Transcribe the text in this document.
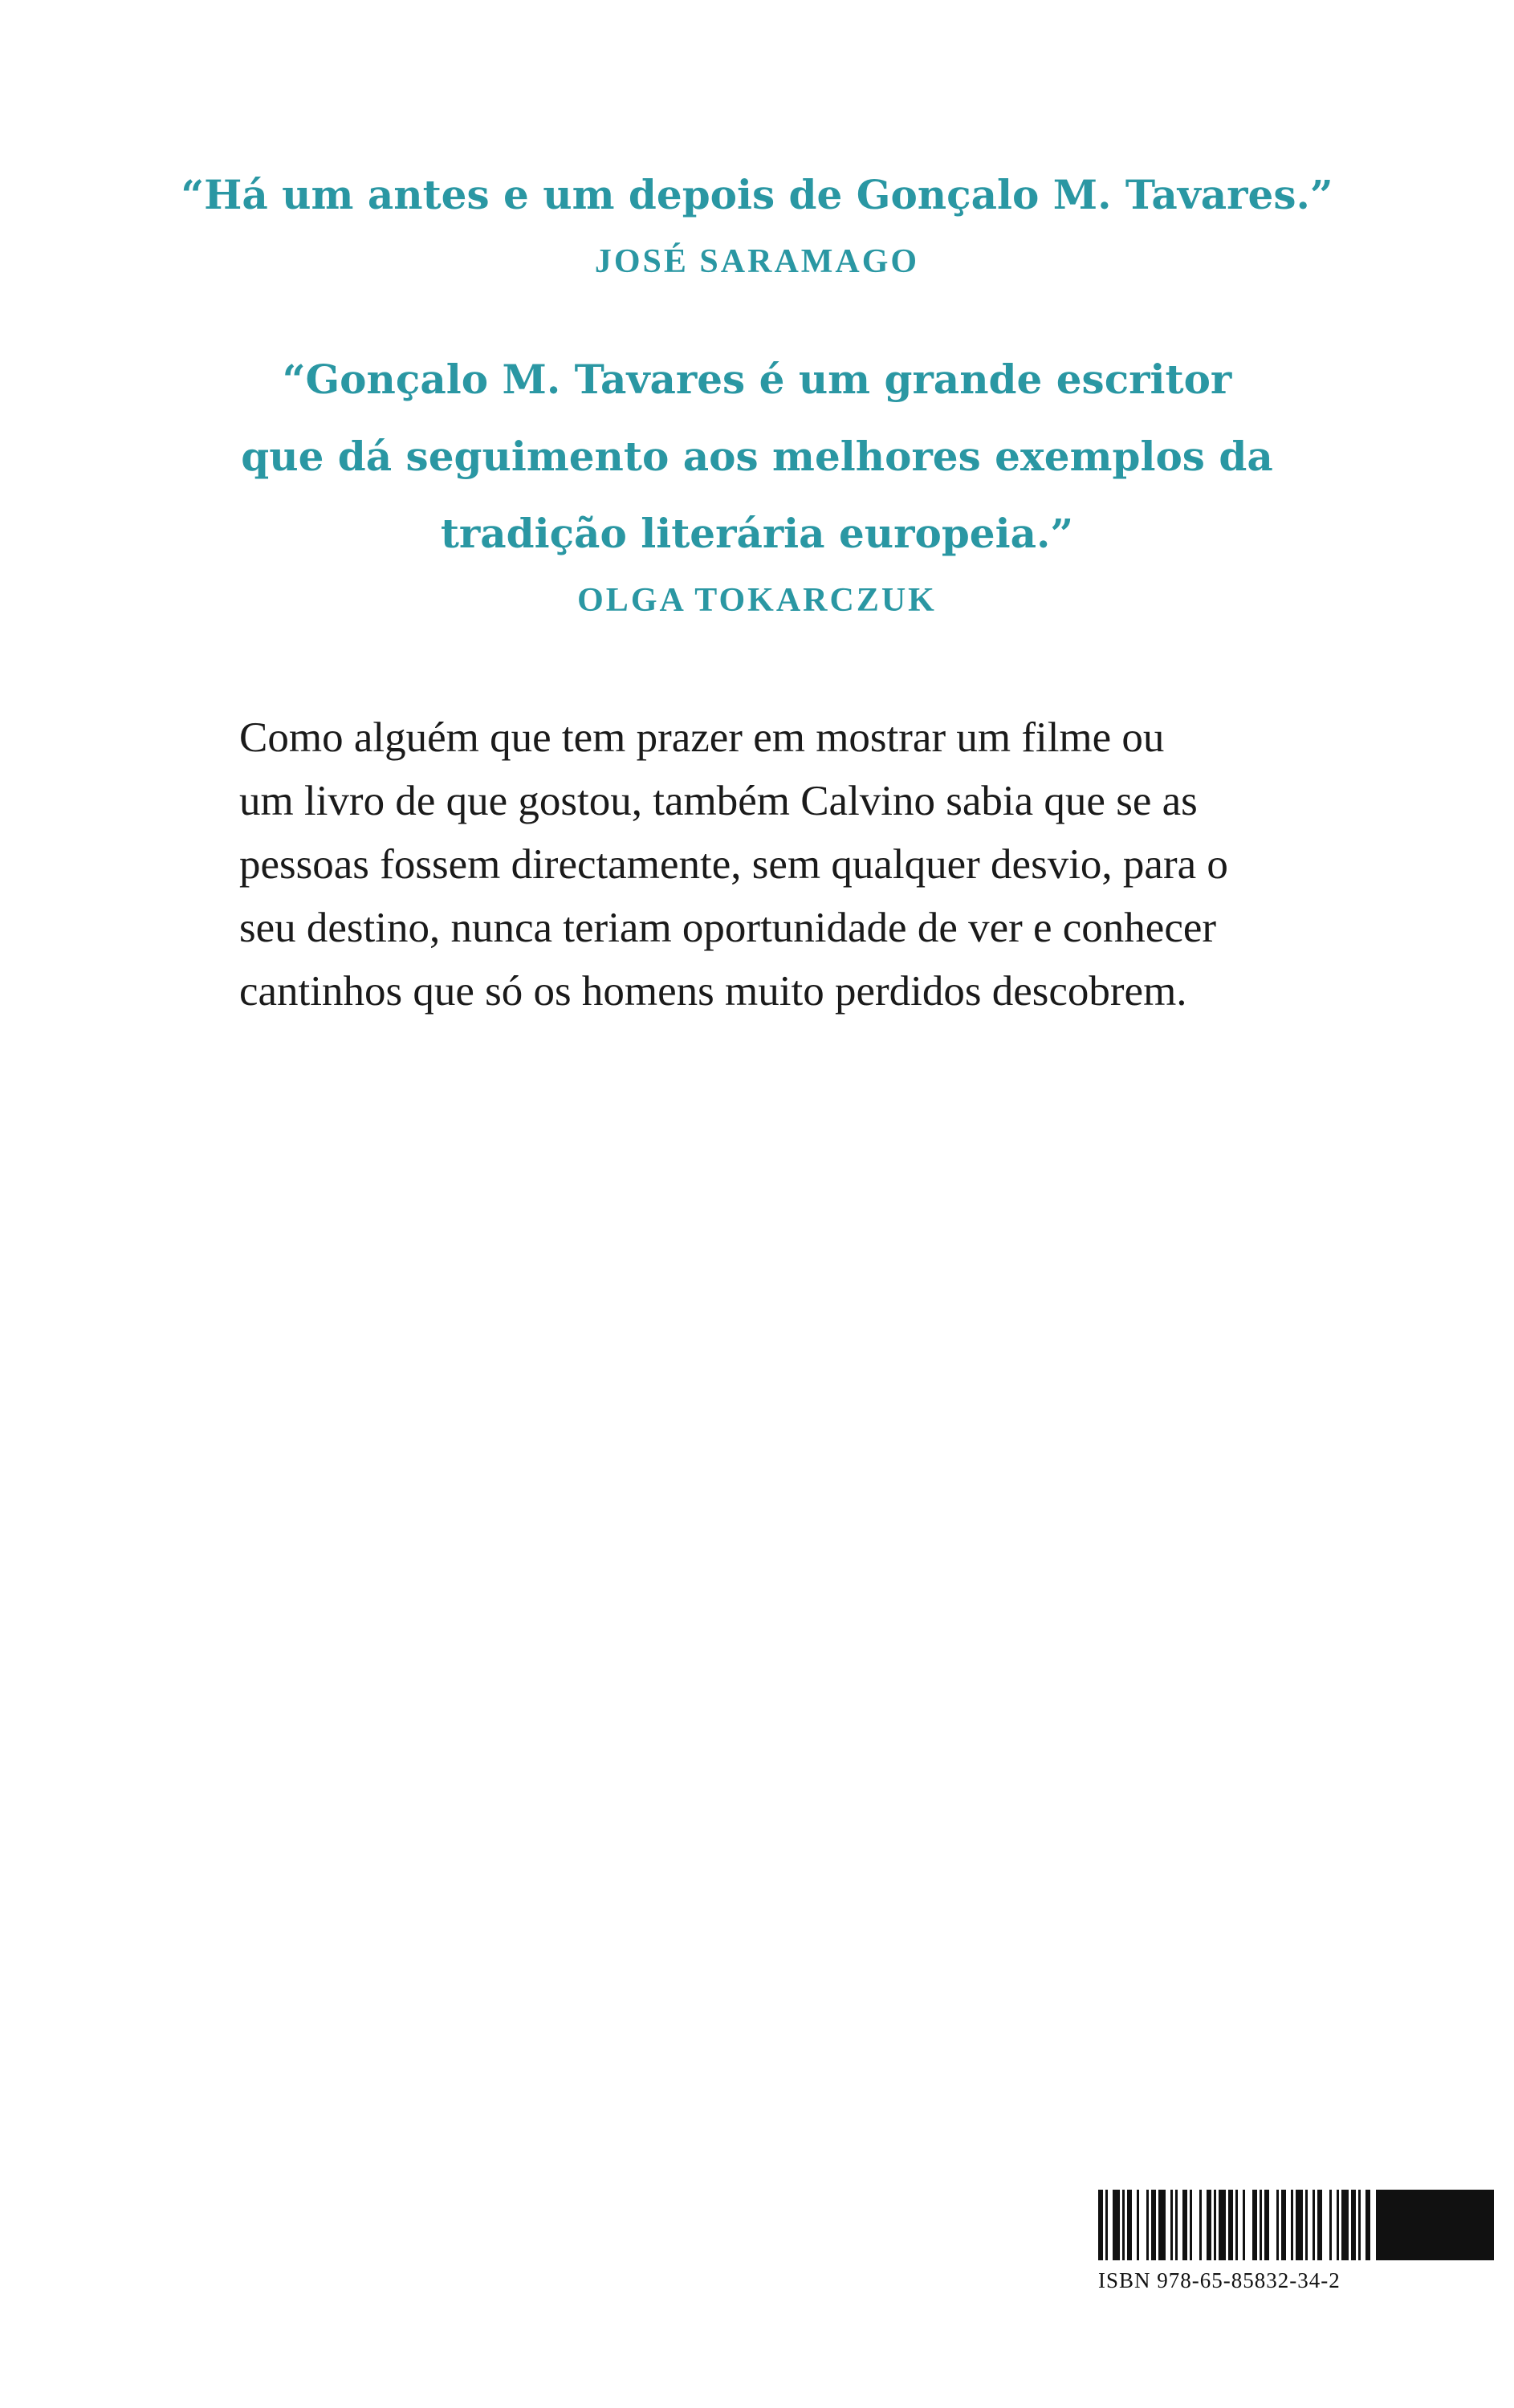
“Há um antes e um depois de Gonçalo M. Tavares.”
JOSÉ SARAMAGO
“Gonçalo M. Tavares é um grande escritor
que dá seguimento aos melhores exemplos da
tradição literária europeia.”
OLGA TOKARCZUK
Como alguém que tem prazer em mostrar um filme ou
um livro de que gostou, também Calvino sabia que se as
pessoas fossem directamente, sem qualquer desvio, para o
seu destino, nunca teriam oportunidade de ver e conhecer
cantinhos que só os homens muito perdidos descobrem.
ISBN 978-65-85832-34-2
